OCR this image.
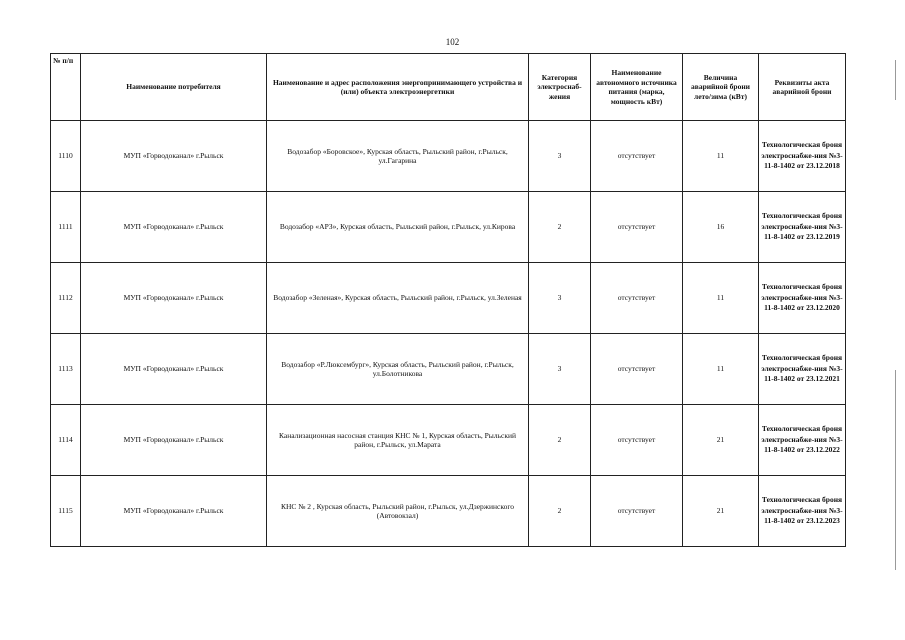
102
№ п/п	Наименование потребителя	Наименование и адрес расположения энергопринимающего устройства и (или) объекта электроэнергетики	Категория электроснаб-жения	Наименование автономного источника питания (марка, мощность кВт)	Величина аварийной брони лето/зима (кВт)	Реквизиты акта аварийной брони
1110	МУП «Горводоканал» г.Рыльск	Водозабор «Боровское», Курская область, Рыльский район, г.Рыльск, ул.Гагарина	3	отсутствует	11	Технологическая броня электроснабже-ния №3-11-8-1402 от 23.12.2018
1111	МУП «Горводоканал» г.Рыльск	Водозабор «АРЗ», Курская область, Рыльский район, г.Рыльск, ул.Кирова	2	отсутствует	16	Технологическая броня электроснабже-ния №3-11-8-1402 от 23.12.2019
1112	МУП «Горводоканал» г.Рыльск	Водозабор «Зеленая», Курская область, Рыльский район, г.Рыльск, ул.Зеленая	3	отсутствует	11	Технологическая броня электроснабже-ния №3-11-8-1402 от 23.12.2020
1113	МУП «Горводоканал» г.Рыльск	Водозабор «Р.Люксембург», Курская область, Рыльский район, г.Рыльск, ул.Болотникова	3	отсутствует	11	Технологическая броня электроснабже-ния №3-11-8-1402 от 23.12.2021
1114	МУП «Горводоканал» г.Рыльск	Канализационная насосная станция КНС № 1, Курская область, Рыльский район, г.Рыльск, ул.Марата	2	отсутствует	21	Технологическая броня электроснабже-ния №3-11-8-1402 от 23.12.2022
1115	МУП «Горводоканал» г.Рыльск	КНС № 2 , Курская область, Рыльский район, г.Рыльск, ул.Дзержинского (Автовокзал)	2	отсутствует	21	Технологическая броня электроснабже-ния №3-11-8-1402 от 23.12.2023
